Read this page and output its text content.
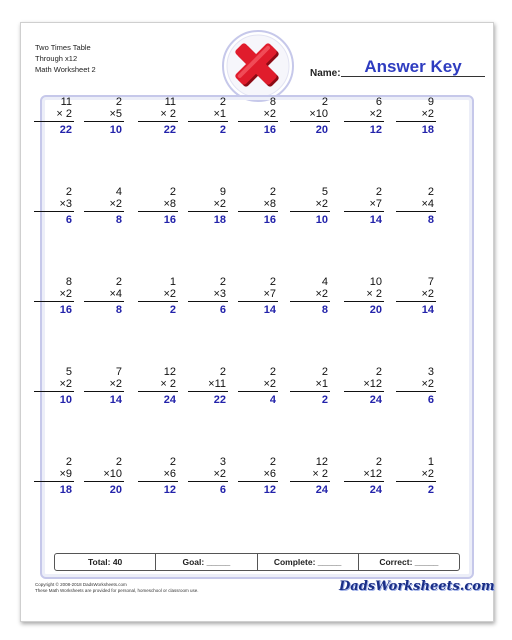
Two Times Table
Through x12
Math Worksheet 2	Name:	Answer Key
Total: 40	Goal: _____	Complete: _____	Correct: _____
Copyright © 2008-2018 DadsWorksheets.com
These Math Worksheets are provided for personal, homeschool or classroom use.	DadsWorksheets.com
11
× 2
22
2
×5
10
11
× 2
22
2
×1
2
8
×2
16
2
×10
20
6
×2
12
9
×2
18
2
×3
6
4
×2
8
2
×8
16
9
×2
18
2
×8
16
5
×2
10
2
×7
14
2
×4
8
8
×2
16
2
×4
8
1
×2
2
2
×3
6
2
×7
14
4
×2
8
10
× 2
20
7
×2
14
5
×2
10
7
×2
14
12
× 2
24
2
×11
22
2
×2
4
2
×1
2
2
×12
24
3
×2
6
2
×9
18
2
×10
20
2
×6
12
3
×2
6
2
×6
12
12
× 2
24
2
×12
24
1
×2
2
